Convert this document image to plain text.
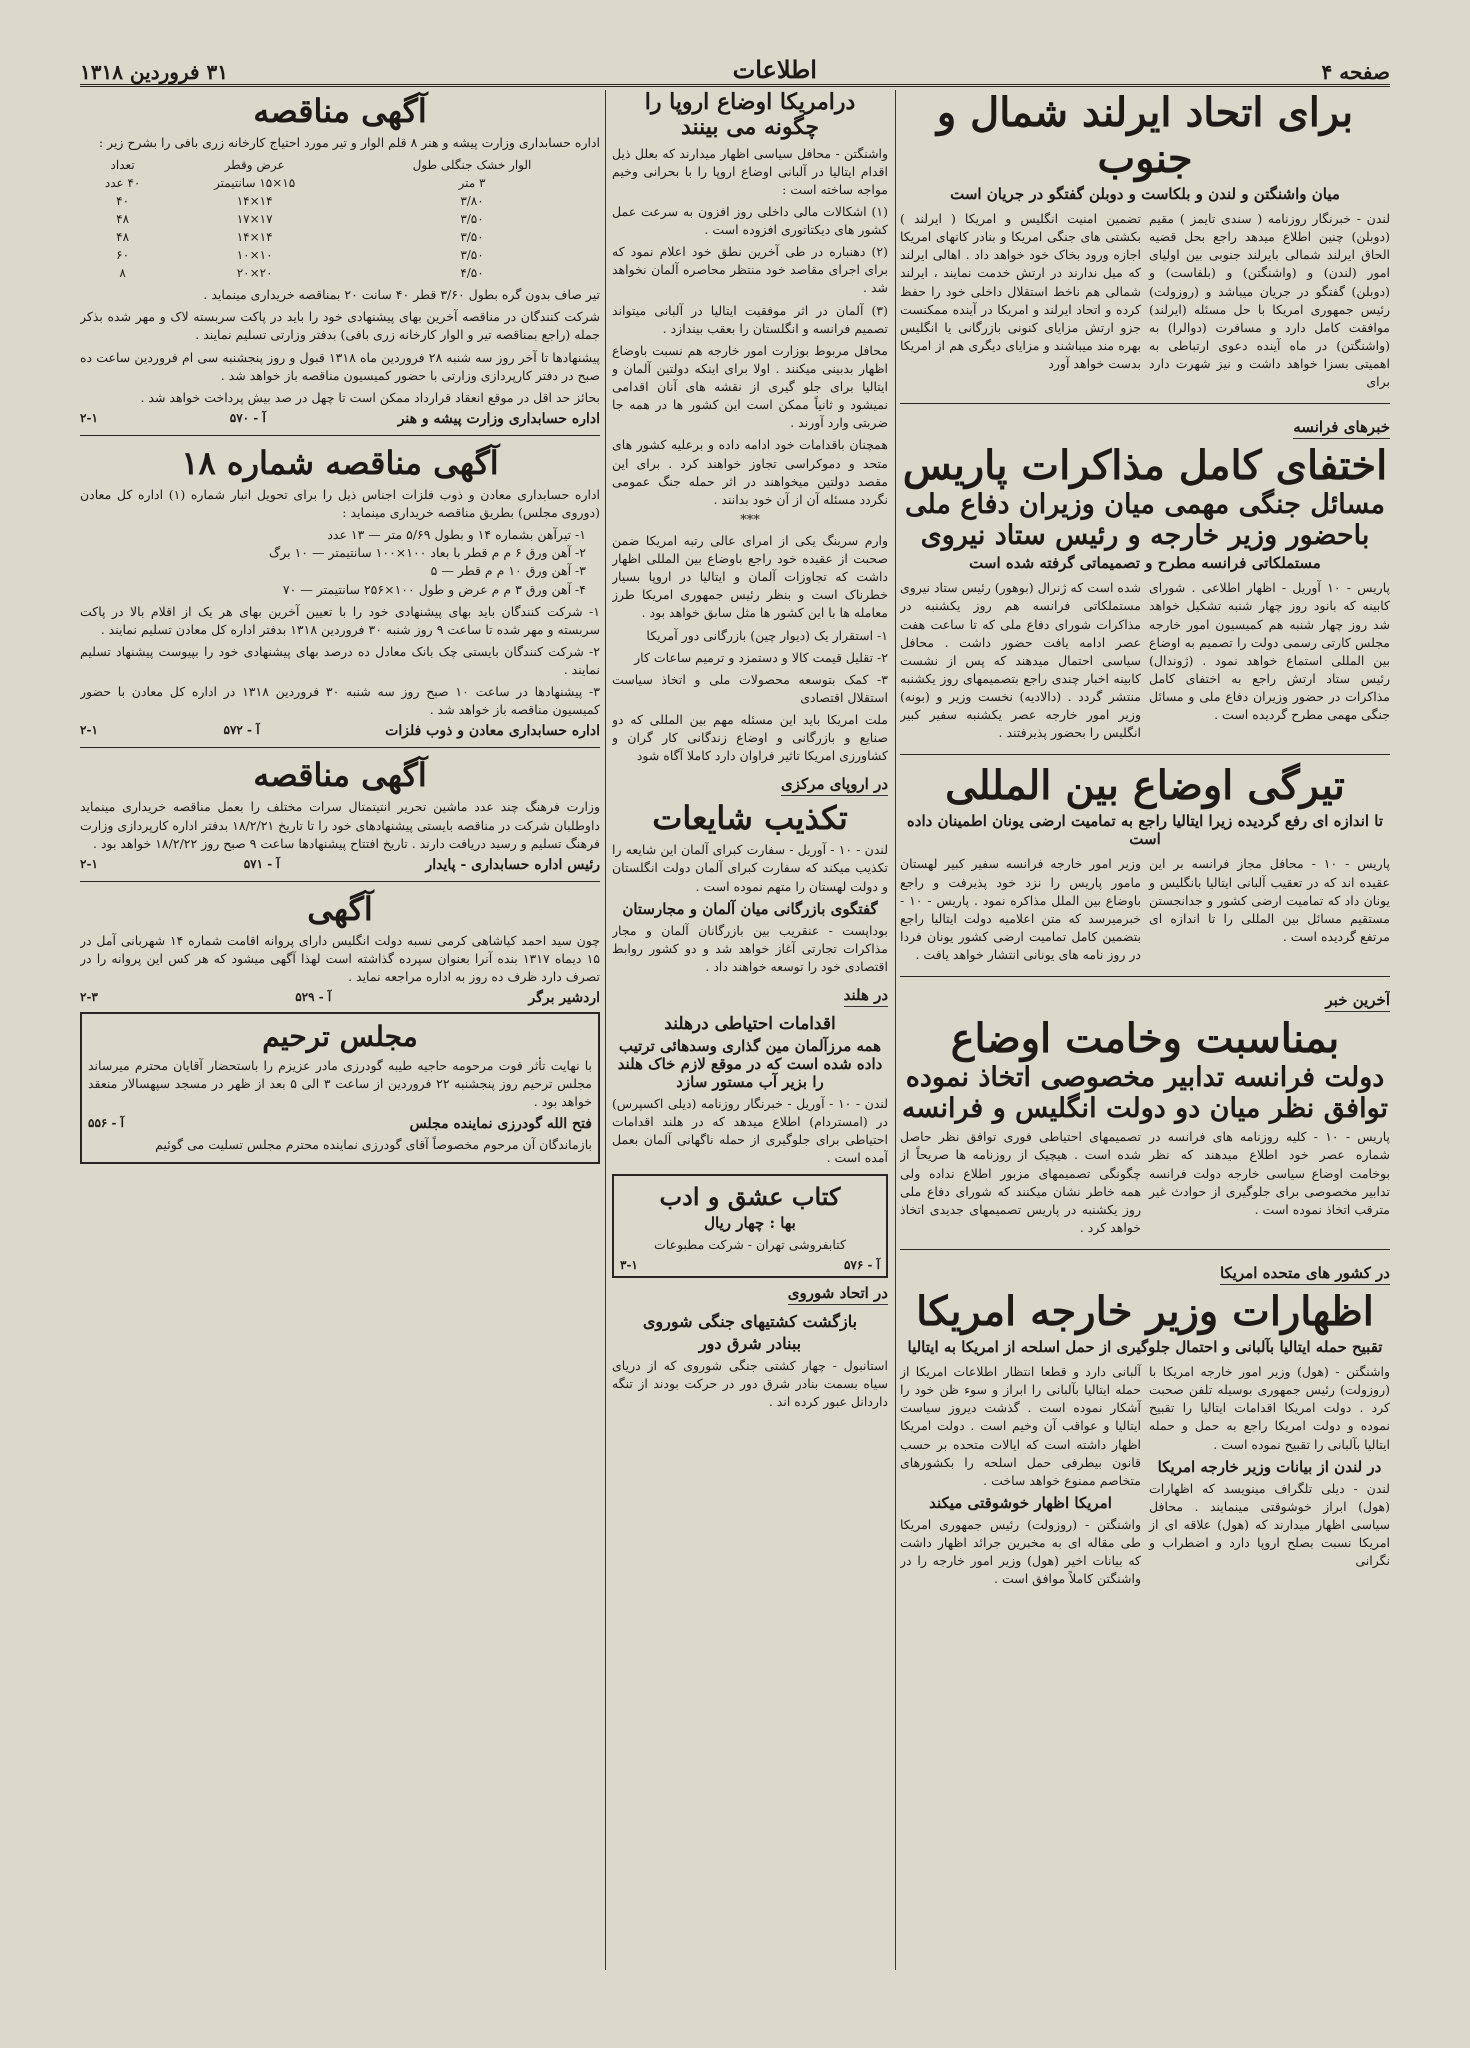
صفحه ۴
اطلاعات
۳۱ فروردین ۱۳۱۸
برای اتحاد ایرلند شمال و جنوب
میان واشنگتن و لندن و بلکاست و دوبلن گفتگو در جریان است
لندن - خبرنگار روزنامه ( سندی تایمز ) مقیم (دوبلن) چنین اطلاع میدهد راجع بحل قضیه الحاق ایرلند شمالی بایرلند جنوبی بین اولیای امور (لندن) و (واشنگتن) و (بلفاست) و (دوبلن) گفتگو در جریان میباشد و (روزولت) رئیس جمهوری امریکا با حل مسئله (ایرلند) موافقت کامل دارد و مسافرت (دوالرا) به (واشنگتن) در ماه آینده دعوی ارتباطی به اهمیتی بسزا خواهد داشت و نیز شهرت دارد برای
تضمین امنیت انگلیس و امریکا ( ایرلند ) بکشتی های جنگی امریکا و بنادر کانهای امریکا اجازه ورود بخاک خود خواهد داد . اهالی ایرلند که میل ندارند در ارتش خدمت نمایند ، ایرلند شمالی هم ناخط استقلال داخلی خود را حفظ کرده و اتحاد ایرلند و امریکا در آینده ممکنست جزو ارتش مزایای کنونی بازرگانی یا انگلیس بهره مند میباشند و مزایای دیگری هم از امریکا بدست خواهد آورد
خبرهای فرانسه
اختفای کامل مذاکرات پاریس
مسائل جنگی مهمی میان وزیران دفاع ملی
باحضور وزیر خارجه و رئیس ستاد نیروی
مستملکاتی فرانسه مطرح و تصمیماتی گرفته شده است
پاریس - ۱۰ آوریل - اظهار اطلاعی . شورای کابینه که بانود روز چهار شنبه تشکیل خواهد شد روز چهار شنبه هم کمیسیون امور خارجه مجلس کارتی رسمی دولت را تصمیم به اوضاع بین المللی استماع خواهد نمود . (ژوندال) رئیس ستاد ارتش راجع به اختفای کامل مذاکرات در حضور وزیران دفاع ملی و مسائل جنگی مهمی مطرح گردیده است .
شده است که ژنرال (بوهور) رئیس ستاد نیروی مستملکاتی فرانسه هم روز یکشنبه در مذاکرات شورای دفاع ملی که تا ساعت هفت عصر ادامه یافت حضور داشت . محافل سیاسی احتمال میدهند که پس از نشست کابینه اخبار چندی راجع بتصمیمهای روز یکشنبه منتشر گردد . (دالادیه) نخست وزیر و (بونه) وزیر امور خارجه عصر یکشنبه سفیر کبیر انگلیس را بحضور پذیرفتند .
تیرگی اوضاع بین المللی
تا اندازه ای رفع گردیده زیرا ایتالیا راجع به تمامیت ارضی یونان اطمینان داده است
پاریس - ۱۰ - محافل مجاز فرانسه بر این عقیده اند که در تعقیب آلبانی ایتالیا بانگلیس و یونان داد که تمامیت ارضی کشور و جدانجستن مستقیم مسائل بین المللی را تا اندازه ای مرتفع گردیده است .
وزیر امور خارجه فرانسه سفیر کبیر لهستان مامور پاریس را نزد خود پذیرفت و راجع باوضاع بین الملل مذاکره نمود . پاریس - ۱۰ - خبرمیرسد که متن اعلامیه دولت ایتالیا راجع بتضمین کامل تمامیت ارضی کشور یونان فردا در روز نامه های یونانی انتشار خواهد یافت .
آخرین خبر
بمناسبت وخامت اوضاع
دولت فرانسه تدابیر مخصوصی اتخاذ نموده
توافق نظر میان دو دولت انگلیس و فرانسه
پاریس - ۱۰ - کلیه روزنامه های فرانسه در شماره عصر خود اطلاع میدهند که نظر بوخامت اوضاع سیاسی خارجه دولت فرانسه تدابیر مخصوصی برای جلوگیری از حوادث غیر مترقب اتخاذ نموده است .
تصمیمهای احتیاطی فوری توافق نظر حاصل شده است . هیچیک از روزنامه ها صریحاً از چگونگی تصمیمهای مزبور اطلاع نداده ولی همه خاطر نشان میکنند که شورای دفاع ملی روز یکشنبه در پاریس تصمیمهای جدیدی اتخاذ خواهد کرد .
در کشور های متحده امریکا
اظهارات وزیر خارجه امریکا
تقبیح حمله ایتالیا بآلبانی و احتمال جلوگیری از حمل اسلحه از امریکا به ایتالیا
واشنگتن - (هول) وزیر امور خارجه امریکا با (روزولت) رئیس جمهوری بوسیله تلفن صحبت کرد . دولت امریکا اقدامات ایتالیا را تقبیح نموده و دولت امریکا راجع به حمل و حمله ایتالیا بآلبانی را تقبیح نموده است .
در لندن از بیانات وزیر خارجه امریکا
لندن - دیلی تلگراف مینویسد که اظهارات (هول) ابراز خوشوقتی مینمایند . محافل سیاسی اظهار میدارند که (هول) علاقه ای از امریکا نسبت بصلح اروپا دارد و اضطراب و نگرانی
آلبانی دارد و قطعا انتظار اطلاعات امریکا از حمله ایتالیا بآلبانی را ابراز و سوء ظن خود را آشکار نموده است . گذشت دیروز سیاست ایتالیا و عواقب آن وخیم است . دولت امریکا اظهار داشته است که ایالات متحده بر حسب قانون بیطرفی حمل اسلحه را بکشورهای متخاصم ممنوع خواهد ساخت .
امریکا اظهار خوشوقتی میکند
واشنگتن - (روزولت) رئیس جمهوری امریکا طی مقاله ای به مخبرین جرائد اظهار داشت که بیانات اخیر (هول) وزیر امور خارجه را در واشنگتن کاملاً موافق است .
درامریکا اوضاع اروپا را
چگونه می بینند
واشنگتن - محافل سیاسی اظهار میدارند که بعلل ذیل اقدام ایتالیا در آلبانی اوضاع اروپا را با بحرانی وخیم مواجه ساخته است :
(۱) اشکالات مالی داخلی روز افزون به سرعت عمل کشور های دیکتاتوری افزوده است .
(۲) دهنباره در طی آخرین نطق خود اعلام نمود که برای اجرای مقاصد خود منتظر محاصره آلمان نخواهد شد .
(۳) آلمان در اثر موفقیت ایتالیا در آلبانی میتواند تصمیم فرانسه و انگلستان را بعقب بیندازد .
محافل مربوط بوزارت امور خارجه هم نسبت باوضاع اظهار بدبینی میکنند . اولا برای اینکه دولتین آلمان و ایتالیا برای جلو گیری از نقشه های آنان اقدامی نمیشود و ثانیاً ممکن است این کشور ها در همه جا ضربتی وارد آورند .
همچنان باقدامات خود ادامه داده و برعلیه کشور های متحد و دموکراسی تجاوز خواهند کرد . برای این مقصد دولتین میخواهند در اثر حمله جنگ عمومی نگردد مسئله آن از آن خود بدانند .
***
وارم سرینگ یکی از امرای عالی رتبه امریکا ضمن صحبت از عقیده خود راجع باوضاع بین المللی اظهار داشت که تجاوزات آلمان و ایتالیا در اروپا بسیار خطرناک است و بنظر رئیس جمهوری امریکا طرز معامله ها با این کشور ها مثل سابق خواهد بود .
۱- استقرار یک (دیوار چین) بازرگانی دور آمریکا
۲- تقلیل قیمت کالا و دستمزد و ترمیم ساعات کار
۳- کمک بتوسعه محصولات ملی و اتخاذ سیاست استقلال اقتصادی
ملت امریکا باید این مسئله مهم بین المللی که دو صنایع و بازرگانی و اوضاع زندگانی کار گران و کشاورزی امریکا تاثیر فراوان دارد کاملا آگاه شود
در اروپای مرکزی
تکذیب شایعات
لندن - ۱۰ - آوریل - سفارت کبرای آلمان این شایعه را تکذیب میکند که سفارت کبرای آلمان دولت انگلستان و دولت لهستان را متهم نموده است .
گفتگوی بازرگانی میان آلمان و مجارستان
بوداپست - عنقریب بین بازرگانان آلمان و مجار مذاکرات تجارتی آغاز خواهد شد و دو کشور روابط اقتصادی خود را توسعه خواهند داد .
در هلند
اقدامات احتیاطی درهلند
همه مرزآلمان مین گذاری وسدهائی ترتیب داده شده است که در موقع لازم خاک هلند را بزیر آب مستور سازد
لندن - ۱۰ - آوریل - خبرنگار روزنامه (دیلی اکسپرس) در (امستردام) اطلاع میدهد که در هلند اقدامات احتیاطی برای جلوگیری از حمله ناگهانی آلمان بعمل آمده است .
کتاب عشق و ادب
بها : چهار ریال
کتابفروشی تهران - شرکت مطبوعات
آ - ۵۷۶
۳-۱
در اتحاد شوروی
بازگشت کشتیهای جنگی شوروی
ببنادر شرق دور
استانبول - چهار کشتی جنگی شوروی که از دریای سیاه بسمت بنادر شرق دور در حرکت بودند از تنگه داردانل عبور کرده اند .
آگهی مناقصه
اداره حسابداری وزارت پیشه و هنر ۸ قلم الوار و تیر مورد احتیاج کارخانه زری بافی را بشرح زیر :
الوار خشک جنگلی طول	عرض وقطر	تعداد
۳ متر	۱۵×۱۵ سانتیمتر	۴۰ عدد
۳/۸۰	۱۴×۱۴	۴۰
۳/۵۰	۱۷×۱۷	۴۸
۳/۵۰	۱۴×۱۴	۴۸
۳/۵۰	۱۰×۱۰	۶۰
۴/۵۰	۲۰×۲۰	۸
تیر صاف بدون گره بطول ۳/۶۰ قطر ۴۰ سانت ۲۰ بمناقصه خریداری مینماید .
شرکت کنندگان در مناقصه آخرین بهای پیشنهادی خود را باید در پاکت سربسته لاک و مهر شده بذکر جمله (راجع بمناقصه تیر و الوار کارخانه زری بافی) بدفتر وزارتی تسلیم نمایند .
پیشنهادها تا آخر روز سه شنبه ۲۸ فروردین ماه ۱۳۱۸ قبول و روز پنجشنبه سی ام فروردین ساعت ده صبح در دفتر کارپردازی وزارتی با حضور کمیسیون مناقصه باز خواهد شد .
بحائز حد اقل در موقع انعقاد قرارداد ممکن است تا چهل در صد بیش پرداخت خواهد شد .
اداره حسابداری وزارت پیشه و هنر
آ - ۵۷۰
۲-۱
آگهی مناقصه شماره ۱۸
اداره حسابداری معادن و ذوب فلزات اجناس ذیل را برای تحویل انبار شماره (۱) اداره کل معادن (دوروی مجلس) بطریق مناقصه خریداری مینماید :
۱- تیرآهن بشماره ۱۴ و بطول ۵/۶۹ متر — ۱۳ عدد
۲- آهن ورق ۶ م م قطر با بعاد ۱۰۰×۱۰۰ سانتیمتر — ۱۰ برگ
۳- آهن ورق ۱۰ م م قطر — ۵
۴- آهن ورق ۳ م م عرض و طول ۱۰۰×۲۵۶ سانتیمتر — ۷۰
۱- شرکت کنندگان باید بهای پیشنهادی خود را با تعیین آخرین بهای هر یک از اقلام بالا در پاکت سربسته و مهر شده تا ساعت ۹ روز شنبه ۳۰ فروردین ۱۳۱۸ بدفتر اداره کل معادن تسلیم نمایند .
۲- شرکت کنندگان بایستی چک بانک معادل ده درصد بهای پیشنهادی خود را بپیوست پیشنهاد تسلیم نمایند .
۳- پیشنهادها در ساعت ۱۰ صبح روز سه شنبه ۳۰ فروردین ۱۳۱۸ در اداره کل معادن با حضور کمیسیون مناقصه باز خواهد شد .
اداره حسابداری معادن و ذوب فلزات
آ - ۵۷۲
۲-۱
آگهی مناقصه
وزارت فرهنگ چند عدد ماشین تحریر انتیتمتال سرات مختلف را بعمل مناقصه خریداری مینماید داوطلبان شرکت در مناقصه بایستی پیشنهادهای خود را تا تاریخ ۱۸/۲/۲۱ بدفتر اداره کارپردازی وزارت فرهنگ تسلیم و رسید دریافت دارند . تاریخ افتتاح پیشنهادها ساعت ۹ صبح روز ۱۸/۲/۲۲ خواهد بود .
رئیس اداره حسابداری - پایدار
آ - ۵۷۱
۲-۱
آگهی
چون سید احمد کیاشاهی کرمی نسبه دولت انگلیس دارای پروانه اقامت شماره ۱۴ شهربانی آمل در ۱۵ دیماه ۱۳۱۷ بنده آنرا بعنوان سپرده گذاشته است لهذا آگهی میشود که هر کس این پروانه را در تصرف دارد ظرف ده روز به اداره مراجعه نماید .
اردشیر برگر
آ - ۵۲۹
۲-۳
مجلس ترحیم
با نهایت تأثر فوت مرحومه حاجیه طیبه گودرزی مادر عزیزم را باستحضار آقایان محترم میرساند مجلس ترحیم روز پنجشنبه ۲۲ فروردین از ساعت ۳ الی ۵ بعد از ظهر در مسجد سپهسالار منعقد خواهد بود .
فتح الله گودرزی نماینده مجلس
آ - ۵۵۶
بازماندگان آن مرحوم مخصوصاً آقای گودرزی نماینده محترم مجلس تسلیت می گوئیم
